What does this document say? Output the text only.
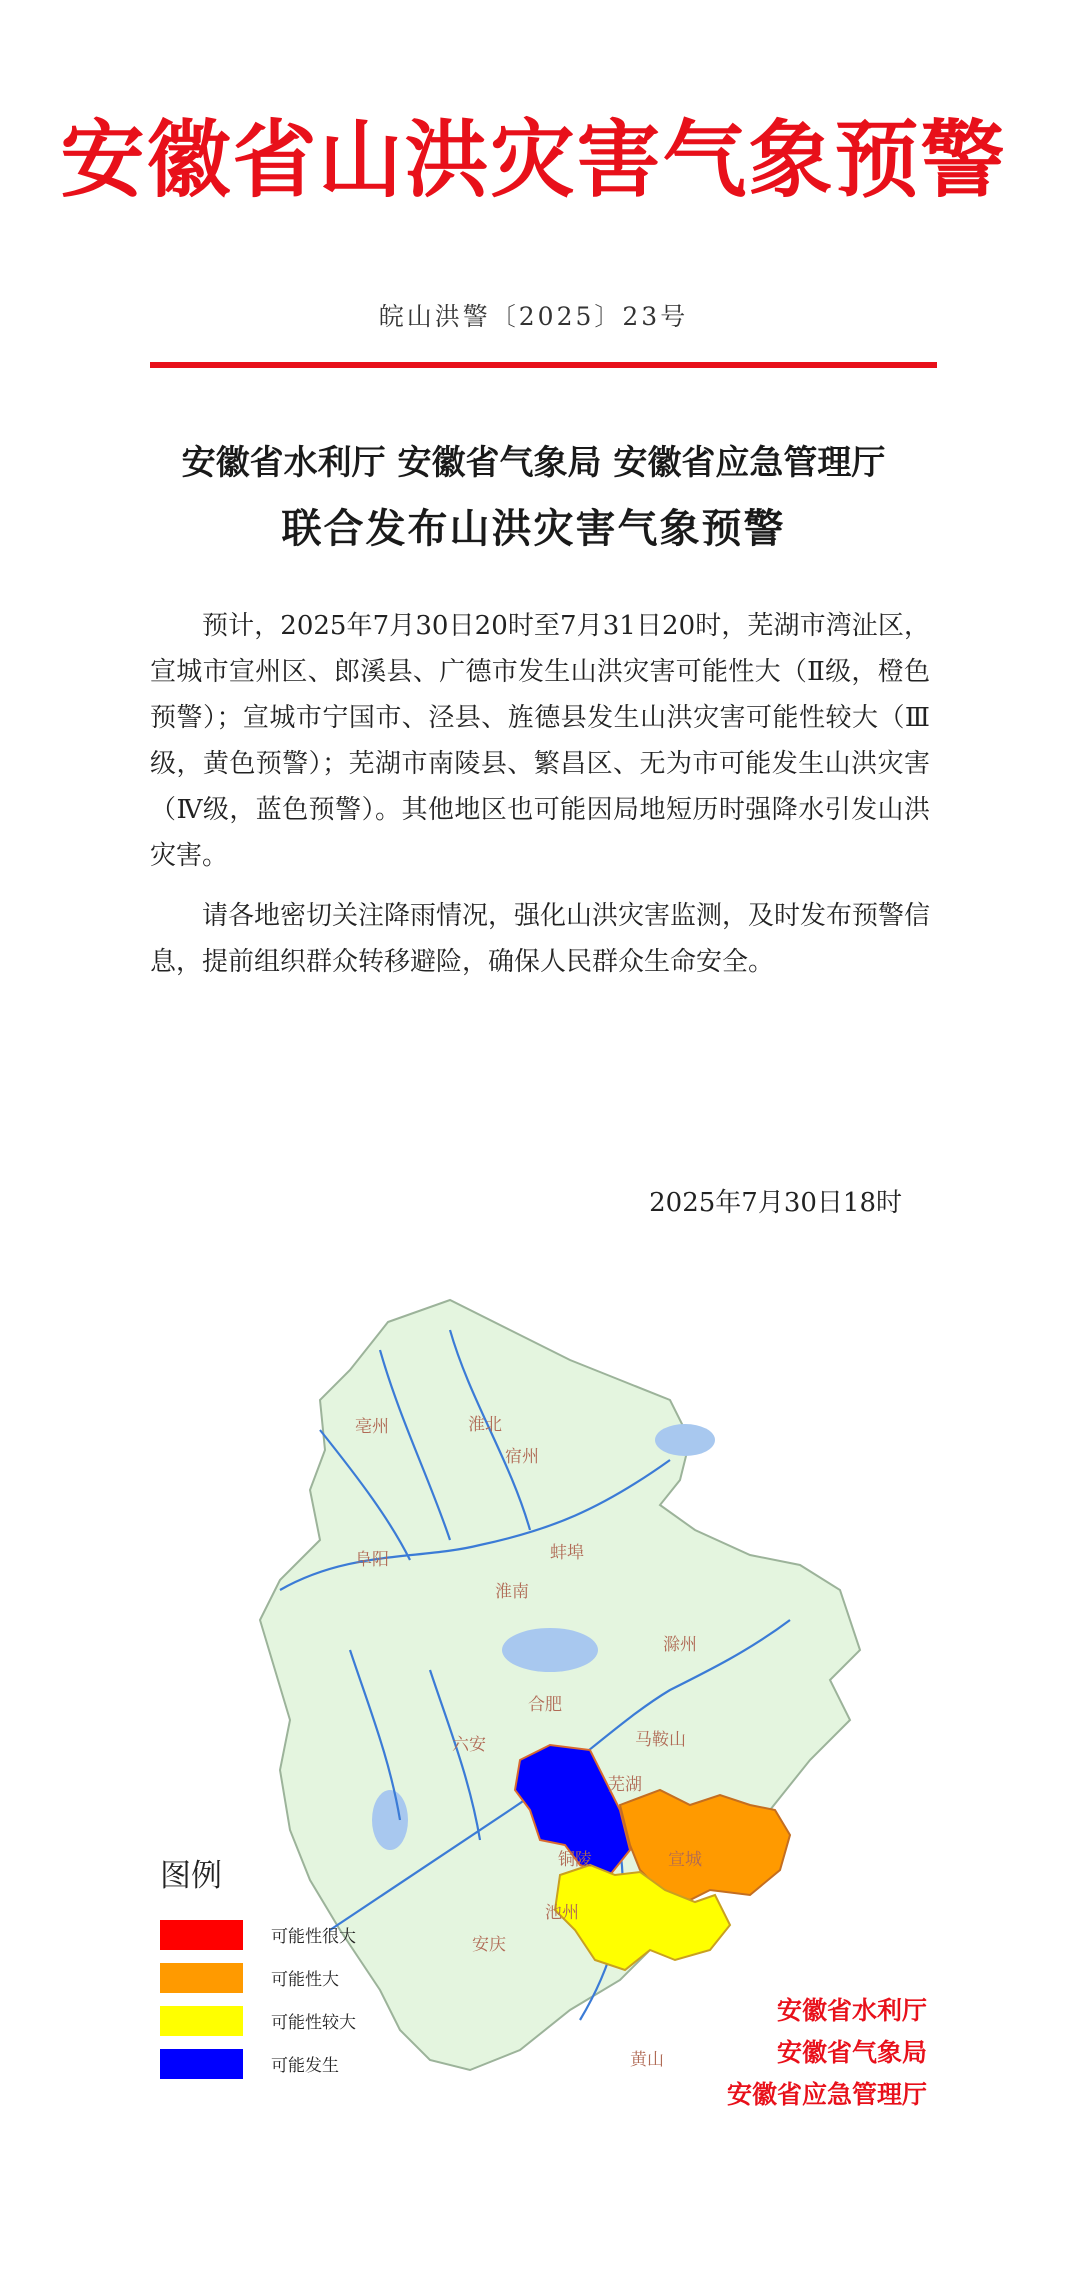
安徽省山洪灾害气象预警
皖山洪警〔2025〕23号
安徽省水利厅 安徽省气象局 安徽省应急管理厅
联合发布山洪灾害气象预警

预计，2025年7月30日20时至7月31日20时，芜湖市湾沚区，宣城市宣州区、郎溪县、广德市发生山洪灾害可能性大（Ⅱ级，橙色预警）；宣城市宁国市、泾县、旌德县发生山洪灾害可能性较大（Ⅲ级，黄色预警）；芜湖市南陵县、繁昌区、无为市可能发生山洪灾害（Ⅳ级，蓝色预警）。其他地区也可能因局地短历时强降水引发山洪灾害。

请各地密切关注降雨情况，强化山洪灾害监测，及时发布预警信息，提前组织群众转移避险，确保人民群众生命安全。

2025年7月30日18时
淮北
亳州
宿州
阜阳	蚌埠
淮南
滁州
六安
合肥
马鞍山
芜湖
宣城
铜陵
池州
安庆
黄山
图例
可能性很大
可能性大
可能性较大
可能发生
安徽省水利厅
安徽省气象局
安徽省应急管理厅
